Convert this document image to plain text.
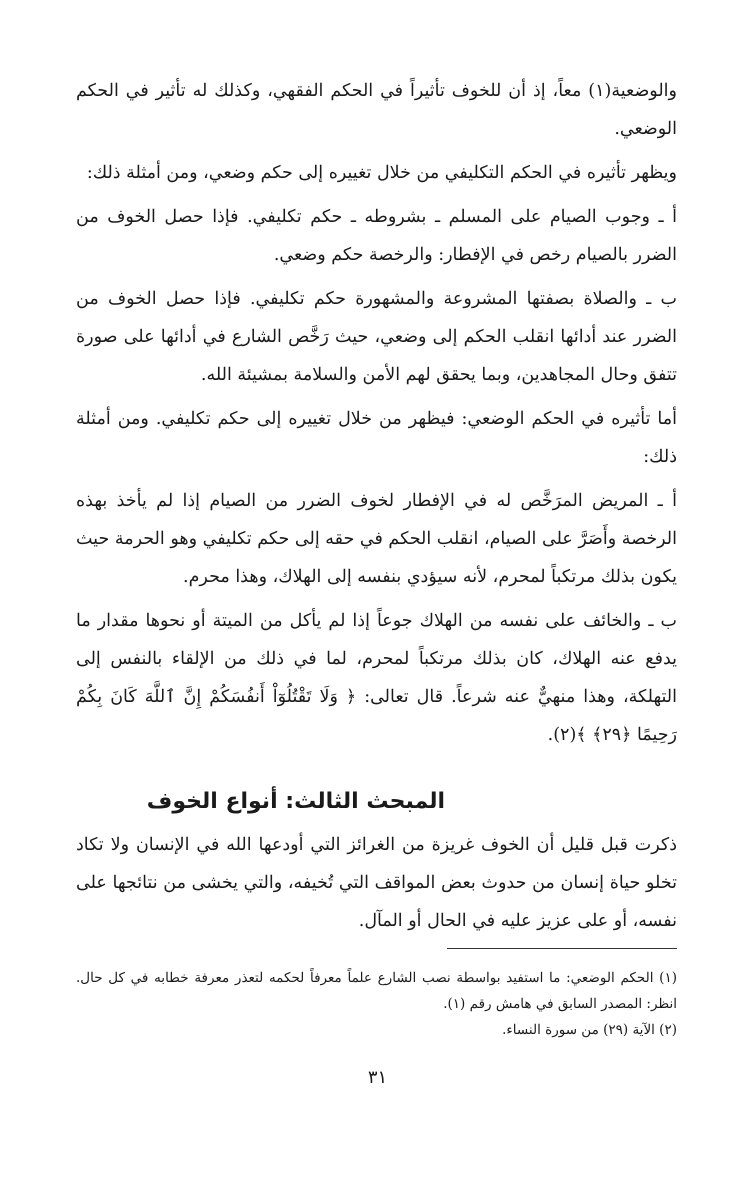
والوضعية(١) معاً، إذ أن للخوف تأثيراً في الحكم الفقهي، وكذلك له تأثير في الحكم الوضعي.

ويظهر تأثيره في الحكم التكليفي من خلال تغييره إلى حكم وضعي، ومن أمثلة ذلك:

أ ـ وجوب الصيام على المسلم ـ بشروطه ـ حكم تكليفي. فإذا حصل الخوف من الضرر بالصيام رخص في الإفطار: والرخصة حكم وضعي.

ب ـ والصلاة بصفتها المشروعة والمشهورة حكم تكليفي. فإذا حصل الخوف من الضرر عند أدائها انقلب الحكم إلى وضعي، حيث رَخَّص الشارع في أدائها على صورة تتفق وحال المجاهدين، وبما يحقق لهم الأمن والسلامة بمشيئة الله.

أما تأثيره في الحكم الوضعي: فيظهر من خلال تغييره إلى حكم تكليفي. ومن أمثلة ذلك:

أ ـ المريض المرَخَّص له في الإفطار لخوف الضرر من الصيام إذا لم يأخذ بهذه الرخصة وأَصَرَّ على الصيام، انقلب الحكم في حقه إلى حكم تكليفي وهو الحرمة حيث يكون بذلك مرتكباً لمحرم، لأنه سيؤدي بنفسه إلى الهلاك، وهذا محرم.

ب ـ والخائف على نفسه من الهلاك جوعاً إذا لم يأكل من الميتة أو نحوها مقدار ما يدفع عنه الهلاك، كان بذلك مرتكباً لمحرم، لما في ذلك من الإلقاء بالنفس إلى التهلكة، وهذا منهيٌّ عنه شرعاً. قال تعالى: ﴿ وَلَا تَقْتُلُوٓاْ أَنفُسَكُمْ إِنَّ ٱللَّهَ كَانَ بِكُمْ رَحِيمًا ﴿٢٩﴾ ﴾(٢).

المبحث الثالث: أنواع الخوف

ذكرت قبل قليل أن الخوف غريزة من الغرائز التي أودعها الله في الإنسان ولا تكاد تخلو حياة إنسان من حدوث بعض المواقف التي تُخيفه، والتي يخشى من نتائجها على نفسه، أو على عزيز عليه في الحال أو المآل.

(١) الحكم الوضعي: ما استفيد بواسطة نصب الشارع علماً معرفاً لحكمه لتعذر معرفة خطابه في كل حال. انظر: المصدر السابق في هامش رقم (١).
(٢) الآية (٢٩) من سورة النساء.
٣١
